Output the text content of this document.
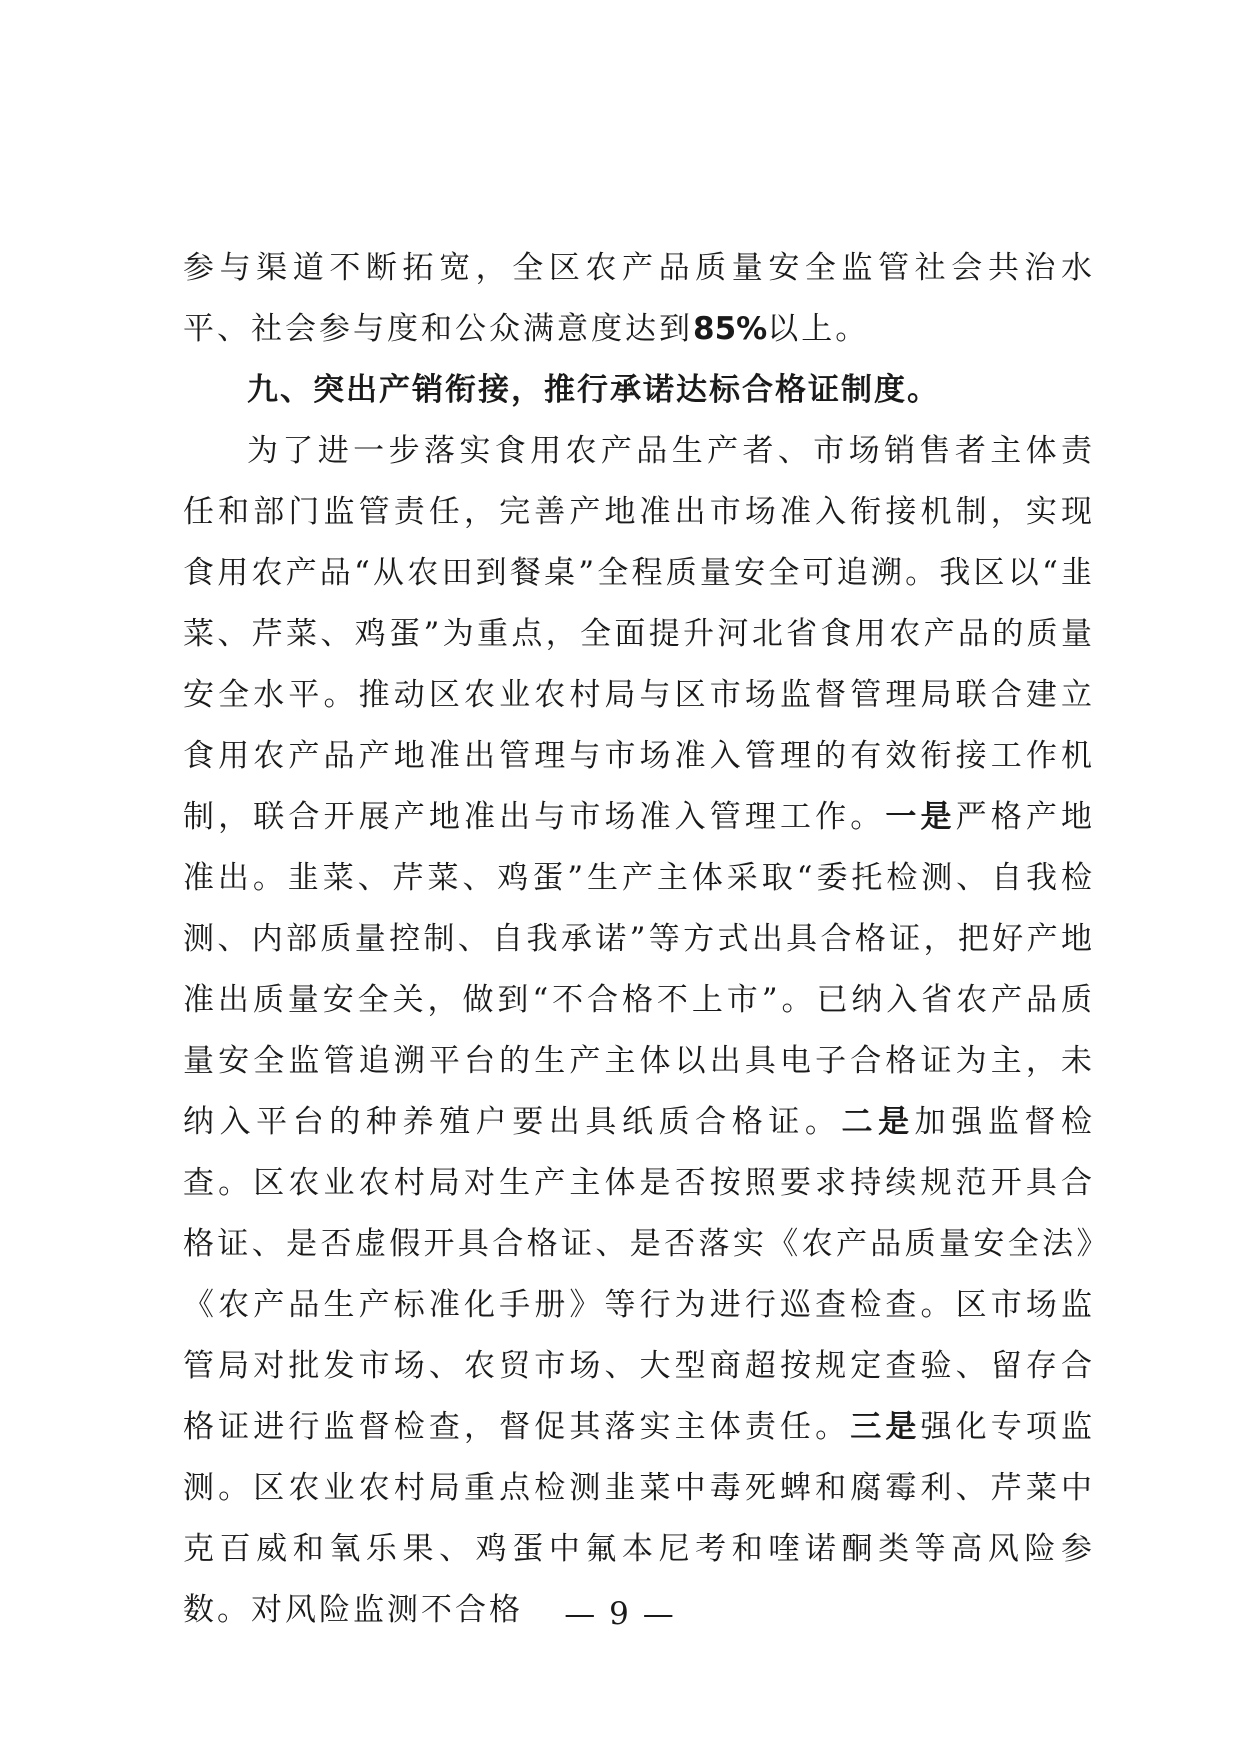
参与渠道不断拓宽，全区农产品质量安全监管社会共治水平、社会参与度和公众满意度达到85%以上。

九、突出产销衔接，推行承诺达标合格证制度。

为了进一步落实食用农产品生产者、市场销售者主体责任和部门监管责任，完善产地准出市场准入衔接机制，实现食用农产品“从农田到餐桌”全程质量安全可追溯。我区以“韭菜、芹菜、鸡蛋”为重点，全面提升河北省食用农产品的质量安全水平。推动区农业农村局与区市场监督管理局联合建立食用农产品产地准出管理与市场准入管理的有效衔接工作机制，联合开展产地准出与市场准入管理工作。一是严格产地准出。韭菜、芹菜、鸡蛋”生产主体采取“委托检测、自我检测、内部质量控制、自我承诺”等方式出具合格证，把好产地准出质量安全关，做到“不合格不上市”。已纳入省农产品质量安全监管追溯平台的生产主体以出具电子合格证为主，未纳入平台的种养殖户要出具纸质合格证。二是加强监督检查。区农业农村局对生产主体是否按照要求持续规范开具合格证、是否虚假开具合格证、是否落实《农产品质量安全法》《农产品生产标准化手册》等行为进行巡查检查。区市场监管局对批发市场、农贸市场、大型商超按规定查验、留存合格证进行监督检查，督促其落实主体责任。三是强化专项监测。区农业农村局重点检测韭菜中毒死蜱和腐霉利、芹菜中克百威和氧乐果、鸡蛋中氟本尼考和喹诺酮类等高风险参数。对风险监测不合格	— 9 —
